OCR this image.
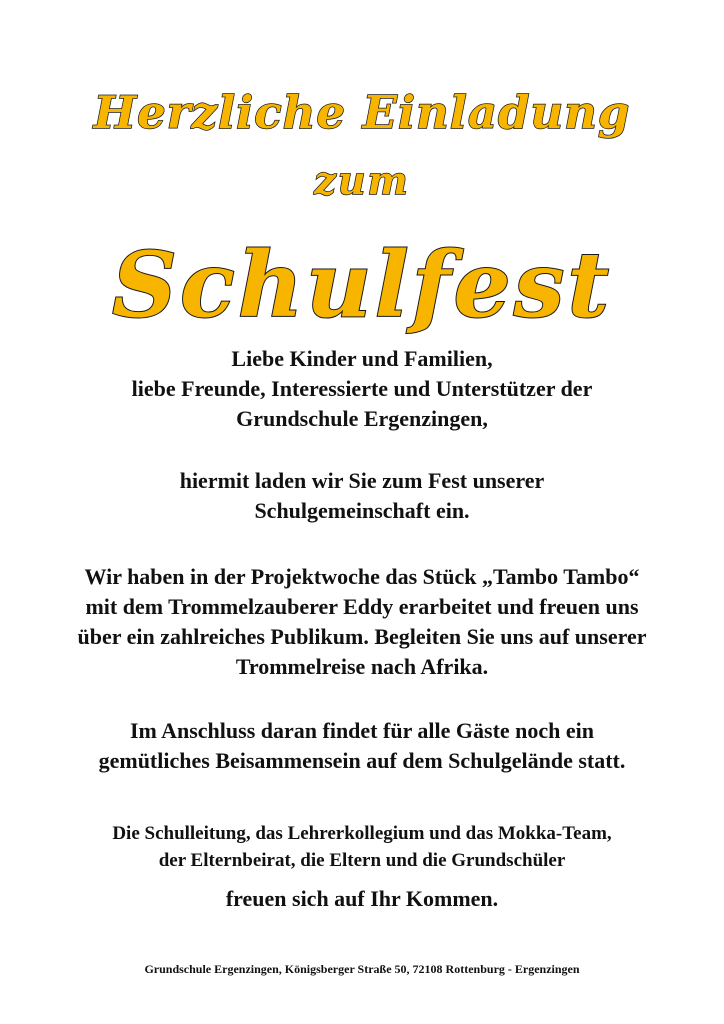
Herzliche Einladung
zum
Schulfest
Liebe Kinder und Familien,
liebe Freunde, Interessierte und Unterstützer der
Grundschule Ergenzingen,
hiermit laden wir Sie zum Fest unserer
Schulgemeinschaft ein.
Wir haben in der Projektwoche das Stück „Tambo Tambo“
mit dem Trommelzauberer Eddy erarbeitet und freuen uns
über ein zahlreiches Publikum. Begleiten Sie uns auf unserer
Trommelreise nach Afrika.
Im Anschluss daran findet für alle Gäste noch ein
gemütliches Beisammensein auf dem Schulgelände statt.
Die Schulleitung, das Lehrerkollegium und das Mokka-Team,
der Elternbeirat, die Eltern und die Grundschüler
freuen sich auf Ihr Kommen.
Grundschule Ergenzingen, Königsberger Straße 50, 72108 Rottenburg - Ergenzingen
